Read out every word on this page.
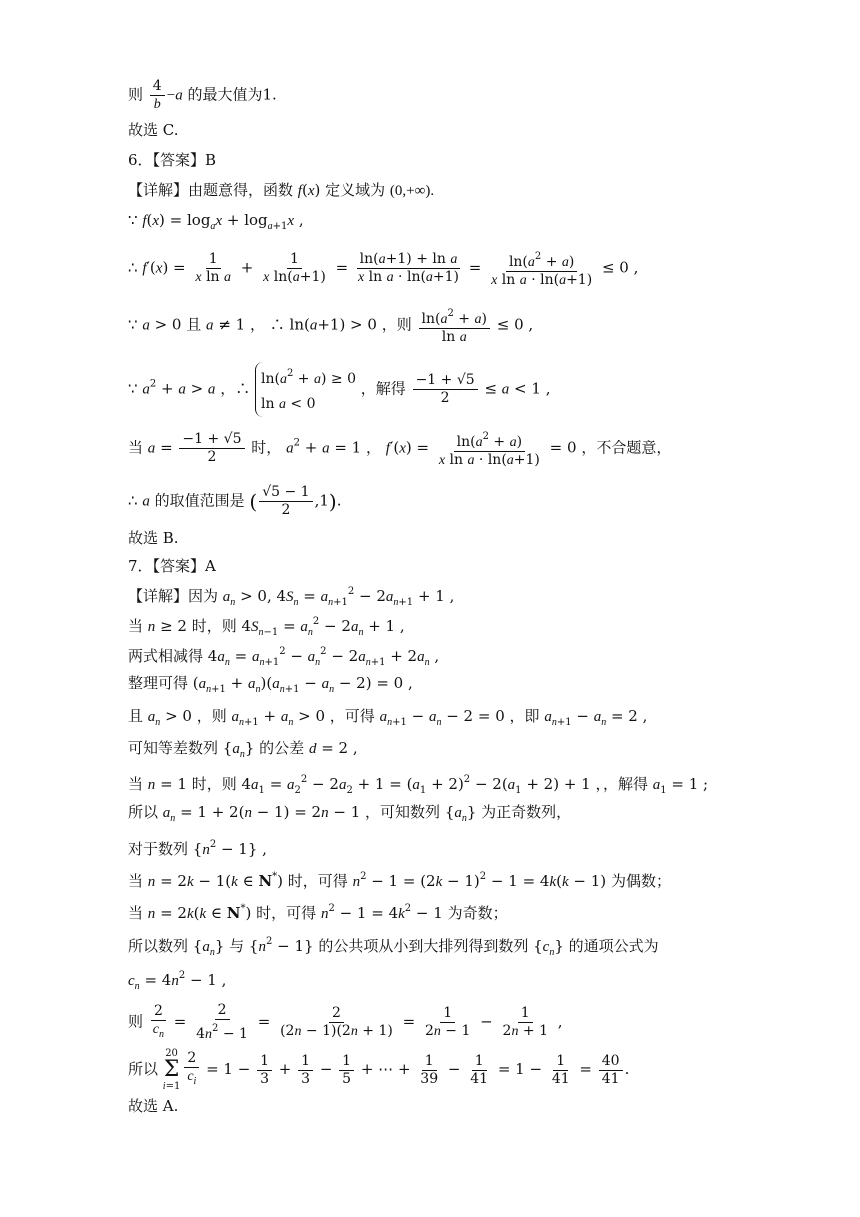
则 $\frac{4}{b} -a$ 的最大值为1.
故选 C.
6．【答案】B
【详解】由题意得，函数 f(x) 定义域为 (0,+∞).
∵ $f(x) = \log_ax + \log_{a+1}x$ ,
∴ $f'(x) = \frac{1}{\text{x ln a}} + \frac{1}{\text{x ln(a+1)}} = \frac{\text{ln(a+1) + ln a}}{\text{x ln a · ln(a+1)}} = \frac{\ln(a^2 + a)}{\text{x ln a · ln(a+1)}} \le 0$ ,
∵ a > 0 且 a ≠ 1 ， ∴ ln(a+1) > 0 ，则 $\frac{\ln(a^2 + a)}{\text{ln a}} \le 0$ ,
∵ $a^2 + a > a$ ，∴
$\ln(a^2 + a) \ge 0$
ln a < 0
，解得 $\frac{-1 + √5}{2} \le a < 1$ ,
当 $a = \frac{-1 + √5}{2}$ 时， $a^2 + a = 1$ ， $f'(x) = \frac{\ln(a^2 + a)}{\text{x ln a · ln(a+1)}} = 0$ ，不合题意，
∴ a 的取值范围是 ( $\frac{√5 - 1}{2} ,1$).
故选 B.
7．【答案】A
【详解】因为 $a_n > 0$, $4S_n = a_{n+1}^2 - 2a_{n+1} + 1$ ,
当 n ≥ 2 时，则 $4S_{n-1} = a_n^2 - 2a_n + 1$ ,
两式相减得 $4a_n = a_{n+1}^2 - a_n^2 - 2a_{n+1} + 2a_n$ ,
整理可得 $(a_{n+1} + a_n)(a_{n+1} - a_n - 2) = 0$ ,
且 $a_n > 0$ ，则 $a_{n+1} + a_n > 0$ ，可得 $a_{n+1} - a_n - 2 = 0$ ，即 $a_{n+1} - a_n = 2$ ,
可知等差数列 $\{a_n\}$ 的公差 d = 2 ,
当 n = 1 时，则 $4a_1 = a_2^2 - 2a_2 + 1 = (a_1 + 2)^2 - 2(a_1 + 2) + 1$ ，，解得 $a_1 = 1$ ;
所以 $a_n = 1 + 2(n - 1) = 2n - 1$ ，可知数列 $\{a_n\}$ 为正奇数列，
对于数列 $\{n^2 - 1\}$ ,
当 n = 2k − 1(k ∈ N*) 时，可得 $n^2 - 1 = (2k - 1)^2 - 1 = 4k(k - 1)$ 为偶数；
当 n = 2k(k ∈ N*) 时，可得 $n^2 - 1 = 4k^2 - 1$ 为奇数；
所以数列 $\{a_n\}$ 与 $\{n^2 - 1\}$ 的公共项从小到大排列得到数列 $\{c_n\}$ 的通项公式为
$c_n = 4n^2 - 1$ ,
则 $\frac{2}{c_n} = \frac{2}{4n^2 - 1} = \frac{2}{(2n - 1)(2n + 1)} = \frac{1}{2n - 1} - \frac{1}{2n + 1}$ ,
所以
20
Σ
$i=1 \frac{2}{c_i} = 1 - \frac{1}{3} + \frac{1}{3} - \frac{1}{5}$ + ⋯ + $\frac{1}{39} - \frac{1}{41} = 1 - \frac{1}{41} = \frac{40}{41}$ .
故选 A.
